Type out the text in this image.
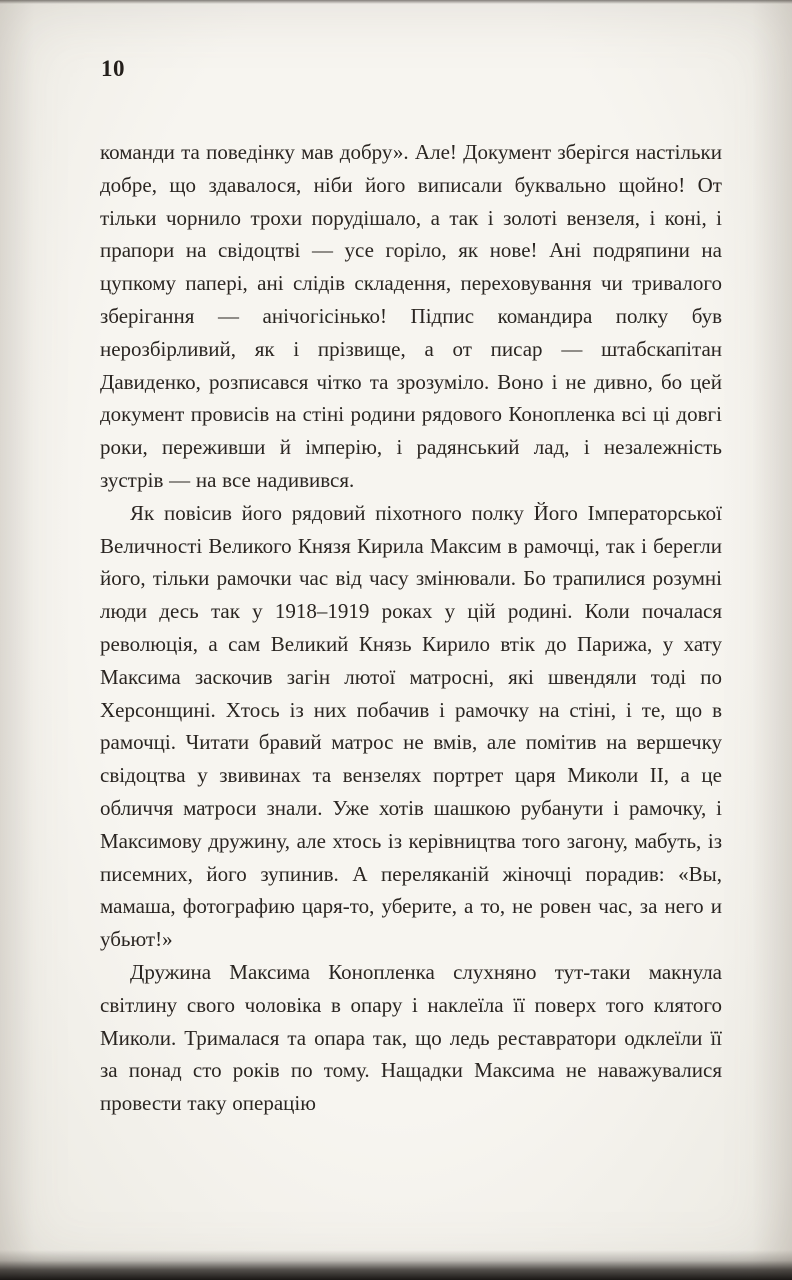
10

команди та поведінку мав добру». Але! Документ зберігся настільки добре, що здавалося, ніби його виписали буквально щойно! От тільки чорнило трохи порудішало, а так і золоті вензеля, і коні, і прапори на свідоцтві — усе горіло, як нове! Ані подряпини на цупкому папері, ані слідів складення, переховування чи тривалого зберігання — анічогісінько! Підпис командира полку був нерозбірливий, як і прізвище, а от писар — штабскапітан Давиденко, розписався чітко та зрозуміло. Воно і не дивно, бо цей документ провисів на стіні родини рядового Конопленка всі ці довгі роки, переживши й імперію, і радянський лад, і незалежність зустрів — на все надивився.

Як повісив його рядовий піхотного полку Його Імператорської Величності Великого Князя Кирила Максим в рамочці, так і берегли його, тільки рамочки час від часу змінювали. Бо трапилися розумні люди десь так у 1918–1919 роках у цій родині. Коли почалася революція, а сам Великий Князь Кирило втік до Парижа, у хату Максима заскочив загін лютої матросні, які швендяли тоді по Херсонщині. Хтось із них побачив і рамочку на стіні, і те, що в рамочці. Читати бравий матрос не вмів, але помітив на вершечку свідоцтва у звивинах та вензелях портрет царя Миколи II, а це обличчя матроси знали. Уже хотів шашкою рубанути і рамочку, і Максимову дружину, але хтось із керівництва того загону, мабуть, із писемних, його зупинив. А переляканій жіночці порадив: «Вы, мамаша, фотографию царя-то, уберите, а то, не ровен час, за него и убьют!»

Дружина Максима Конопленка слухняно тут-таки макнула світлину свого чоловіка в опару і наклеїла її поверх того клятого Миколи. Трималася та опара так, що ледь реставратори одклеїли її за понад сто років по тому. Нащадки Максима не наважувалися провести таку операцію
